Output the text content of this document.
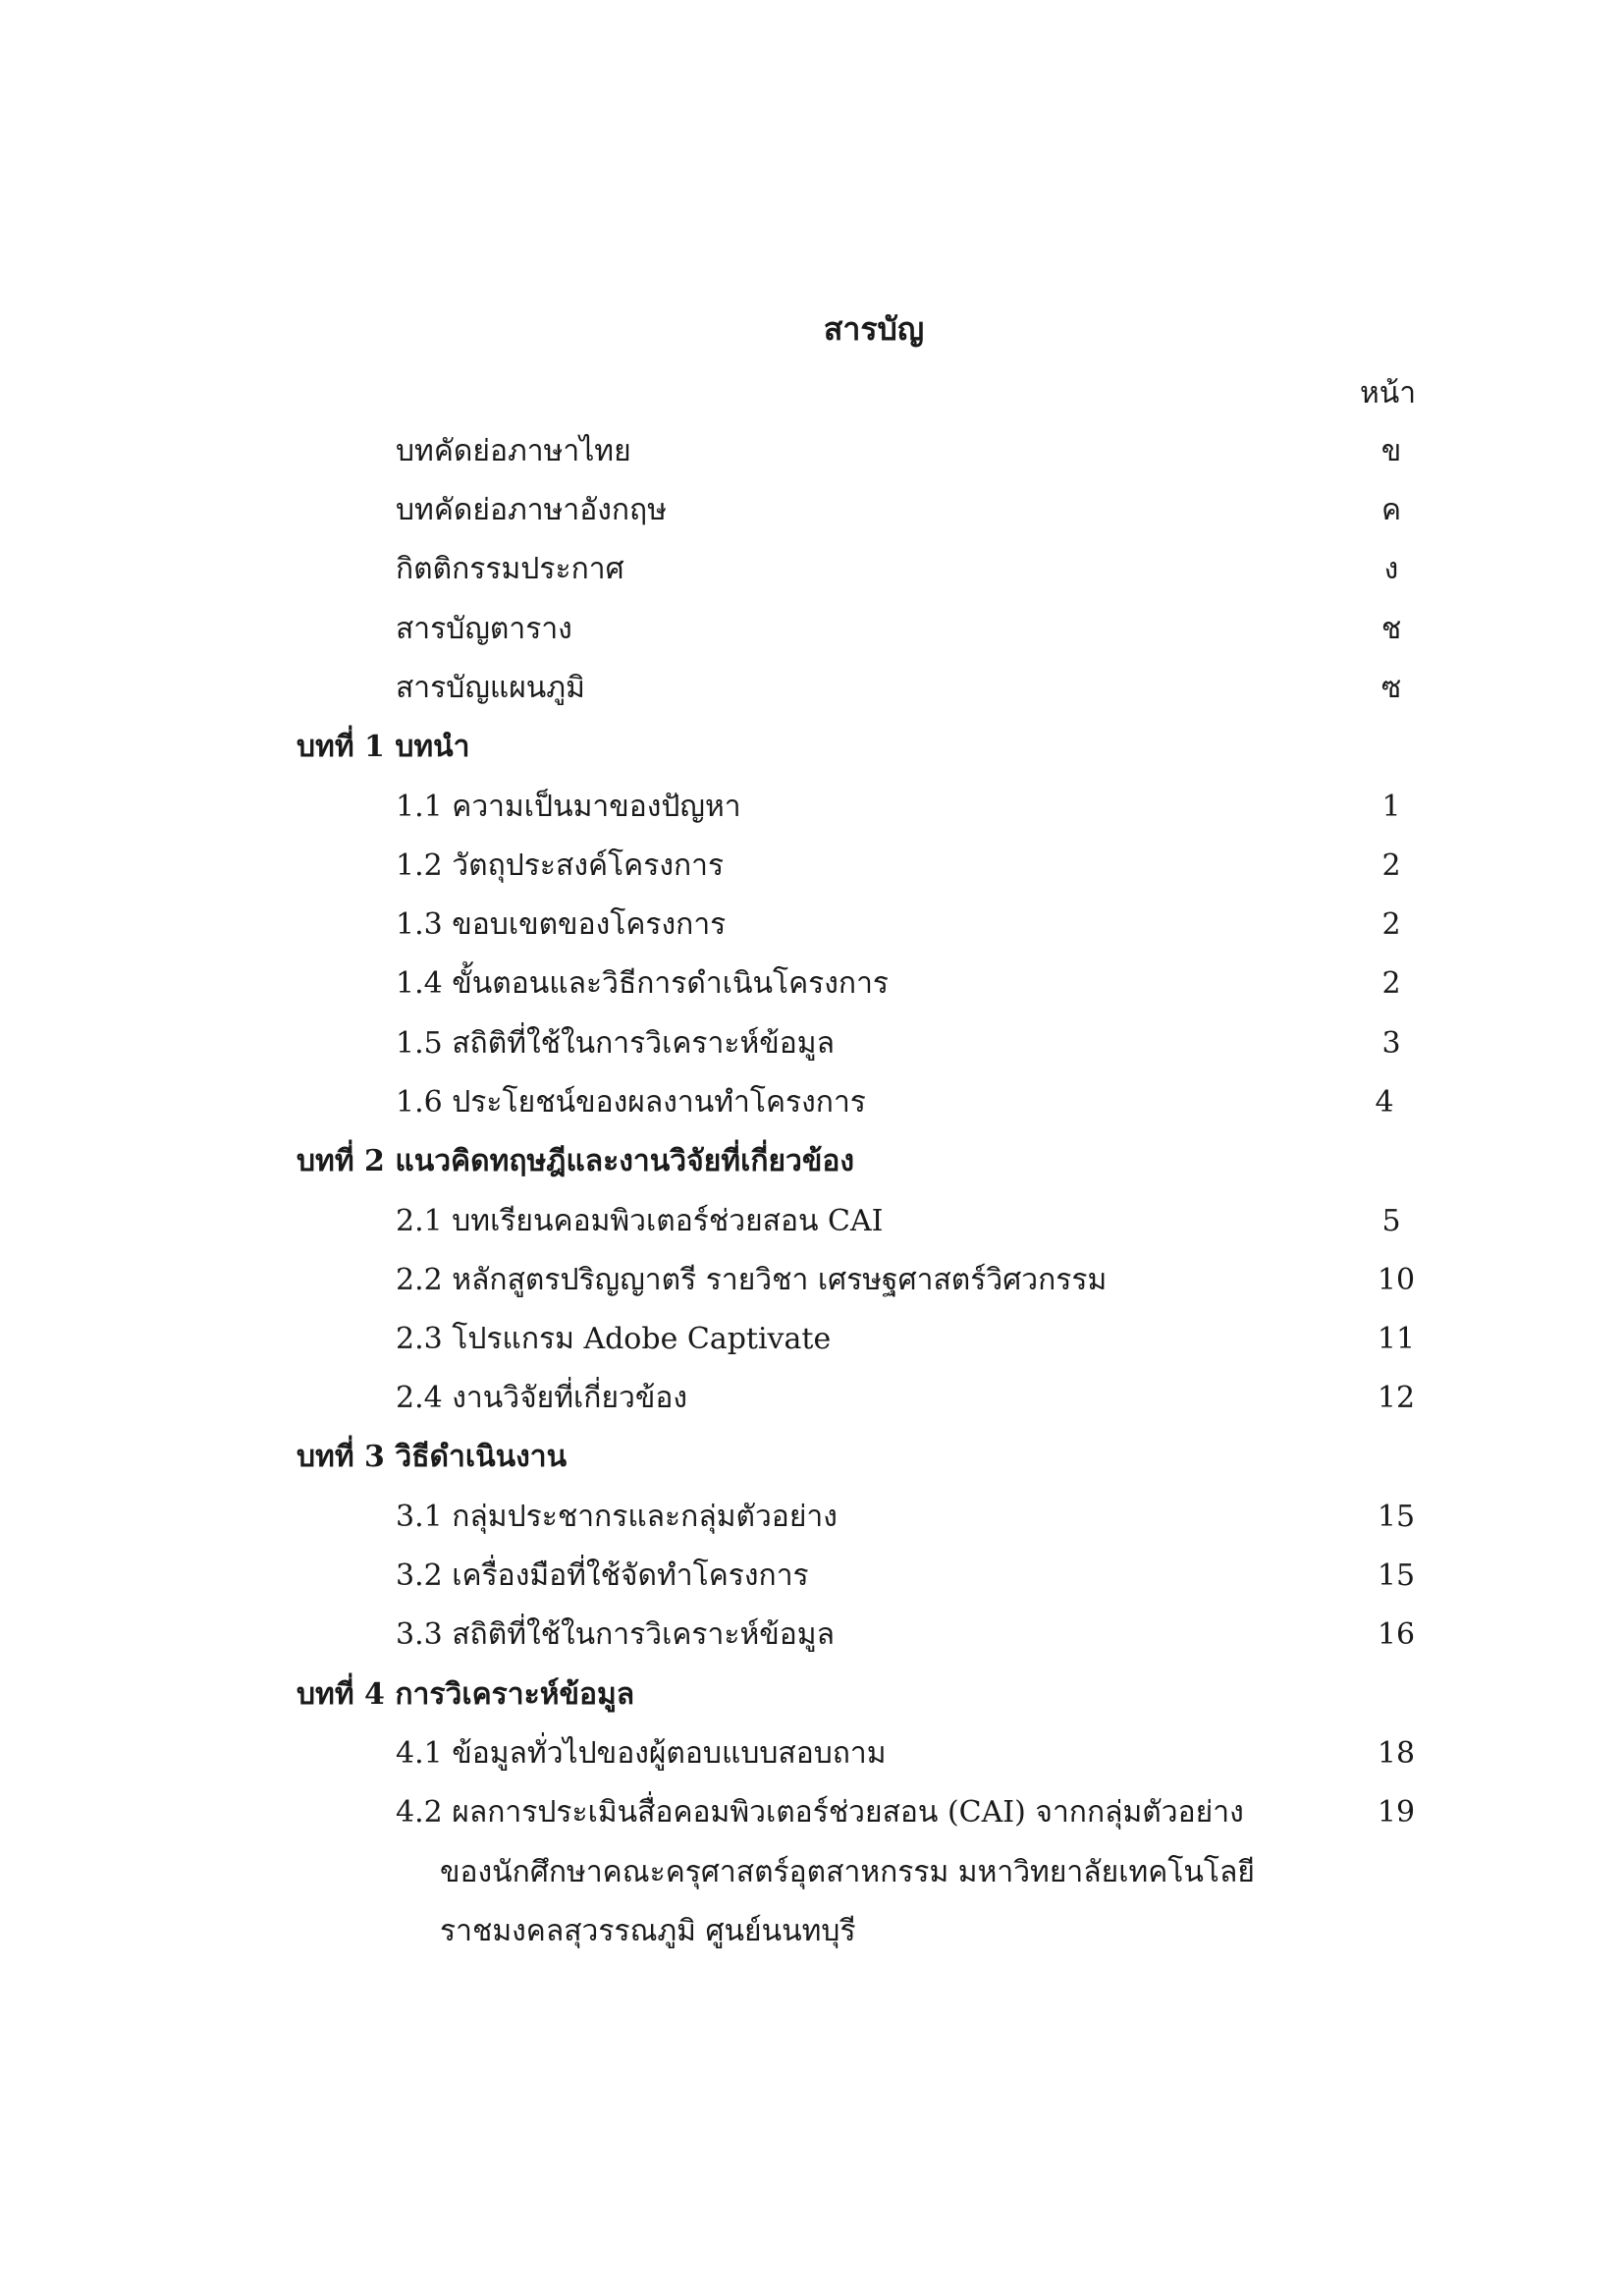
สารบัญ
หน้า
บทคัดย่อภาษาไทย	ข
บทคัดย่อภาษาอังกฤษ	ค
กิตติกรรมประกาศ	ง
สารบัญตาราง	ช
สารบัญแผนภูมิ	ซ
บทที่ 1 บทนำ
1.1 ความเป็นมาของปัญหา	1
1.2 วัตถุประสงค์โครงการ	2
1.3 ขอบเขตของโครงการ	2
1.4 ขั้นตอนและวิธีการดำเนินโครงการ	2
1.5 สถิติที่ใช้ในการวิเคราะห์ข้อมูล	3
1.6 ประโยชน์ของผลงานทำโครงการ	4
บทที่ 2 แนวคิดทฤษฎีและงานวิจัยที่เกี่ยวข้อง
2.1 บทเรียนคอมพิวเตอร์ช่วยสอน CAI	5
2.2 หลักสูตรปริญญาตรี รายวิชา เศรษฐศาสตร์วิศวกรรม	10
2.3 โปรแกรม Adobe Captivate	11
2.4 งานวิจัยที่เกี่ยวข้อง	12
บทที่ 3 วิธีดำเนินงาน
3.1 กลุ่มประชากรและกลุ่มตัวอย่าง	15
3.2 เครื่องมือที่ใช้จัดทำโครงการ	15
3.3 สถิติที่ใช้ในการวิเคราะห์ข้อมูล	16
บทที่ 4 การวิเคราะห์ข้อมูล
4.1 ข้อมูลทั่วไปของผู้ตอบแบบสอบถาม	18
4.2 ผลการประเมินสื่อคอมพิวเตอร์ช่วยสอน (CAI) จากกลุ่มตัวอย่าง	19
ของนักศึกษาคณะครุศาสตร์อุตสาหกรรม มหาวิทยาลัยเทคโนโลยี
ราชมงคลสุวรรณภูมิ ศูนย์นนทบุรี
